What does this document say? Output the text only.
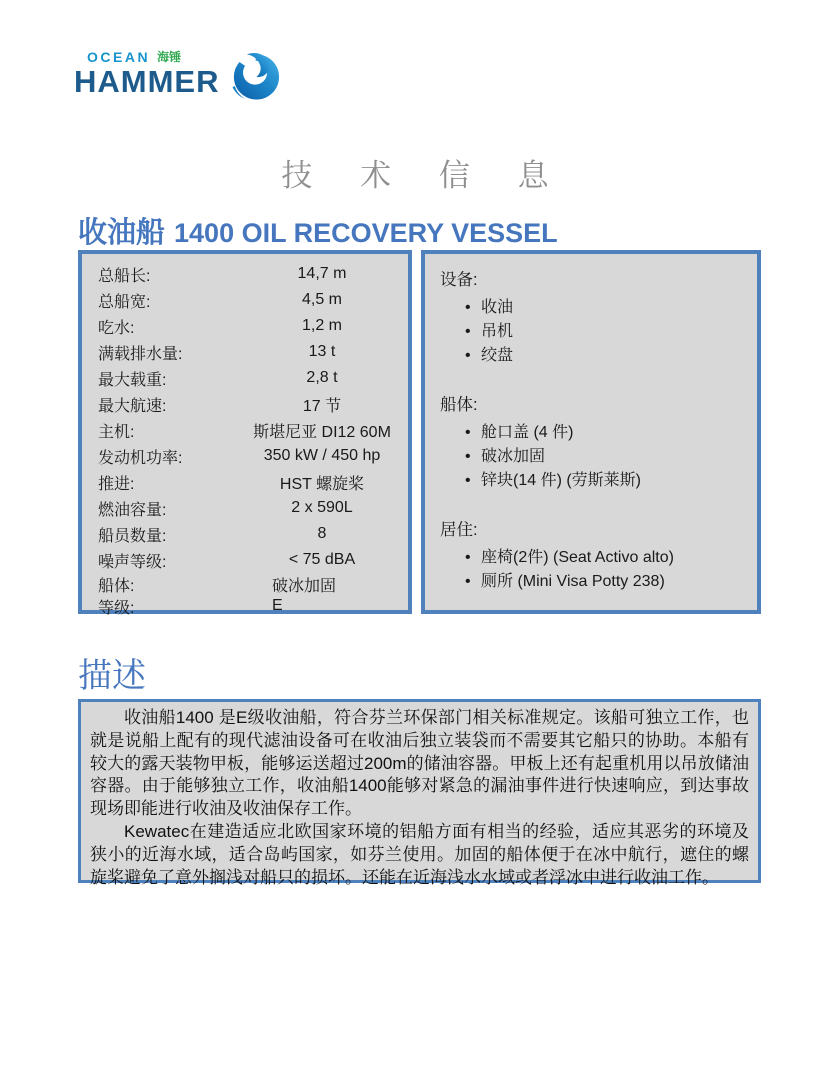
OCEAN 海锤
HAMMER
技 术 信 息
收油船 1400 OIL RECOVERY VESSEL
总船长:	14,7 m
总船宽:	4,5 m
吃水:	1,2 m
满载排水量:	13 t
最大载重:	2,8 t
最大航速:	17 节
主机:	斯堪尼亚 DI12 60M
发动机功率:	350 kW / 450 hp
推进:	HST 螺旋桨
燃油容量:	2 x 590L
船员数量:	8
噪声等级:	< 75 dBA
船体:	破冰加固
等级:	E
设备:
• 收油
• 吊机
• 绞盘
船体:
• 舱口盖 (4 件)
• 破冰加固
• 锌块(14 件) (劳斯莱斯)
居住:
• 座椅(2件) (Seat Activo alto)
• 厕所 (Mini Visa Potty 238)
描述

收油船1400 是E级收油船，符合芬兰环保部门相关标准规定。该船可独立工作，也就是说船上配有的现代滤油设备可在收油后独立装袋而不需要其它船只的协助。本船有较大的露天装物甲板，能够运送超过200m的储油容器。甲板上还有起重机用以吊放储油容器。由于能够独立工作，收油船1400能够对紧急的漏油事件进行快速响应，到达事故现场即能进行收油及收油保存工作。

Kewatec在建造适应北欧国家环境的铝船方面有相当的经验，适应其恶劣的环境及狭小的近海水域，适合岛屿国家，如芬兰使用。加固的船体便于在冰中航行，遮住的螺旋桨避免了意外搁浅对船只的损坏。还能在近海浅水水域或者浮冰中进行收油工作。
